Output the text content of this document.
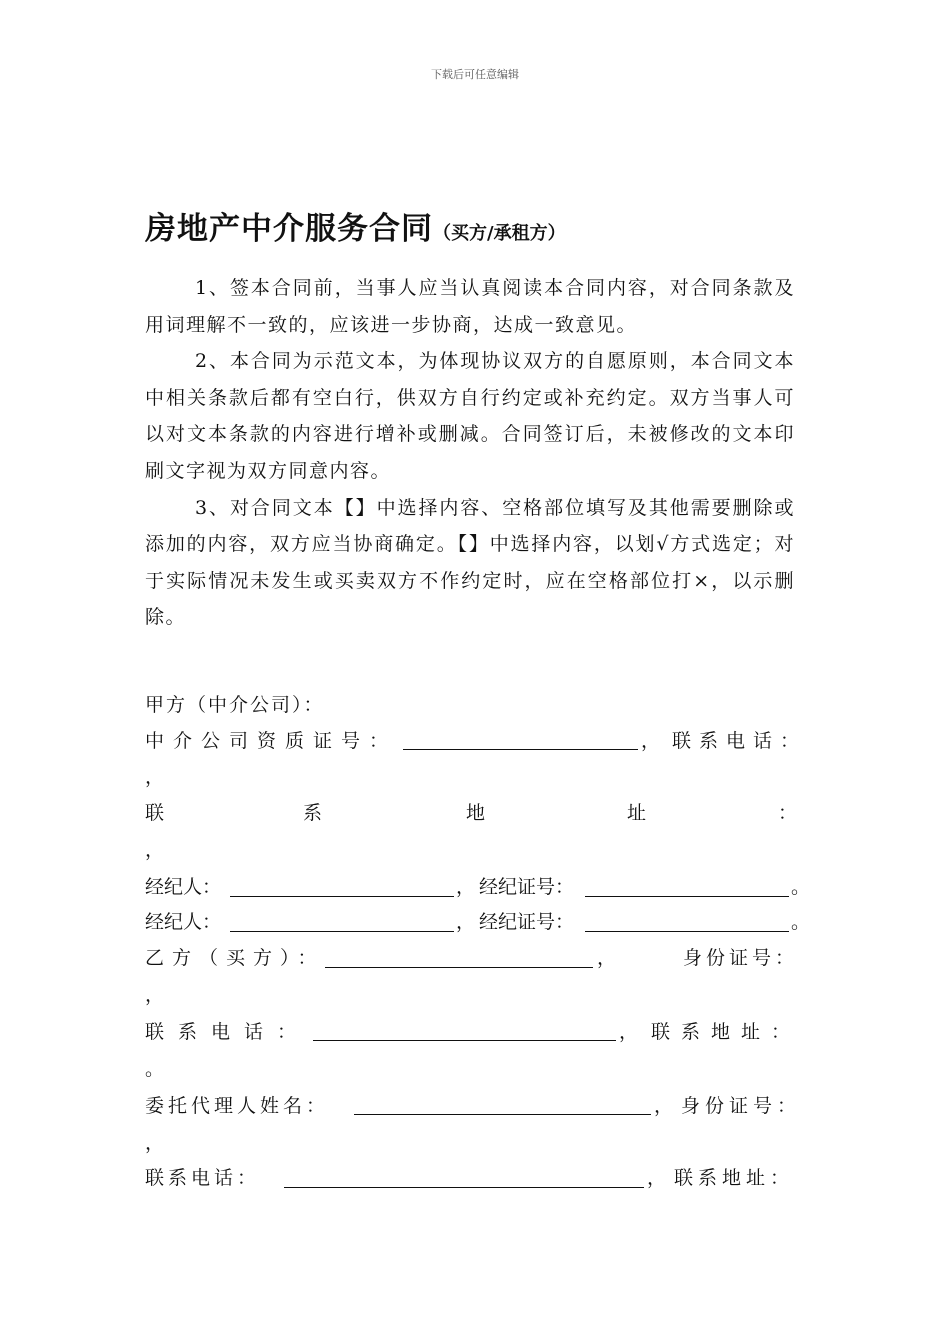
下载后可任意编辑
房地产中介服务合同（买方/承租方）

1、签本合同前，当事人应当认真阅读本合同内容，对合同条款及用词理解不一致的，应该进一步协商，达成一致意见。

2、本合同为示范文本，为体现协议双方的自愿原则，本合同文本中相关条款后都有空白行，供双方自行约定或补充约定。双方当事人可以对文本条款的内容进行增补或删减。合同签订后，未被修改的文本印刷文字视为双方同意内容。

3、对合同文本【】中选择内容、空格部位填写及其他需要删除或添加的内容，双方应当协商确定。【】中选择内容，以划√方式选定；对于实际情况未发生或买卖双方不作约定时，应在空格部位打×，以示删除。

甲方（中介公司）：
中介公司资质证号：	， 联系电话：
，
联	系	地	址	：
，
经纪人：	， 经纪证号：	。
经纪人：	， 经纪证号：	。
乙方（买方）：	，	身份证号：
，
联系电话：	， 联系地址：
。
委托代理人姓名：	， 身份证号：
，
联系电话：	， 联系地址：
